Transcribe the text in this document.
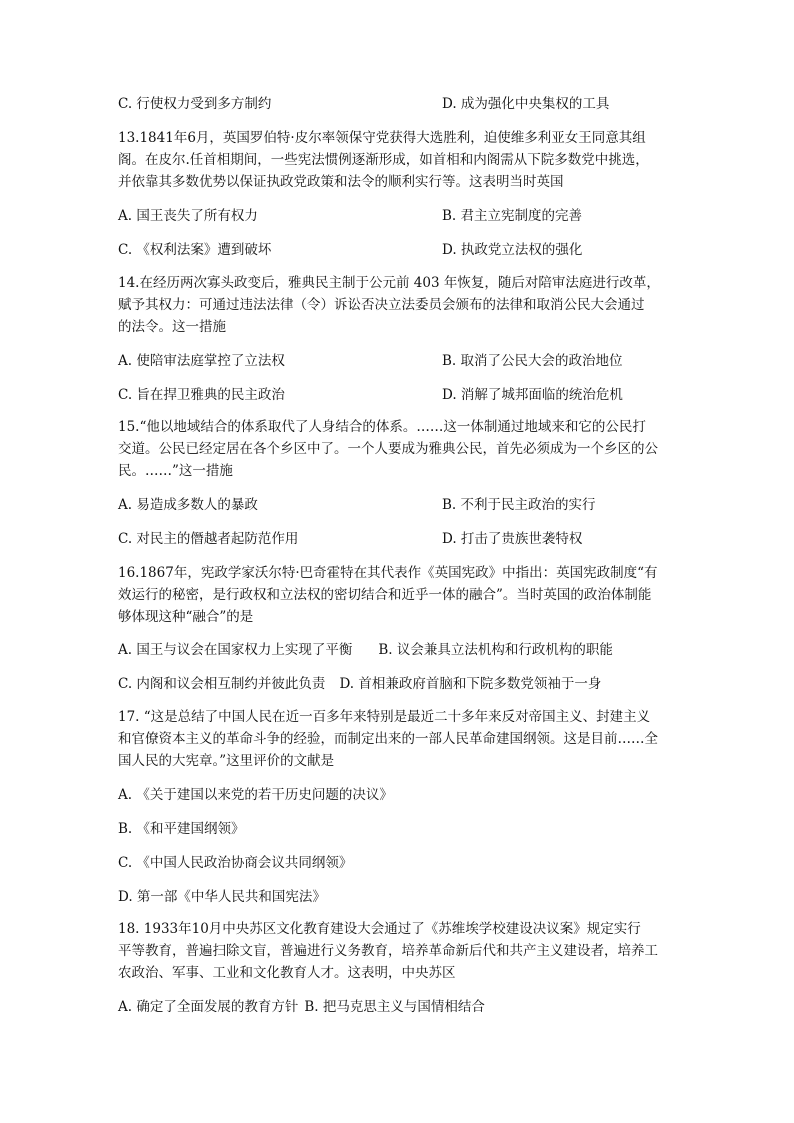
C. 行使权力受到多方制约	D. 成为强化中央集权的工具

13.1841年6月，英国罗伯特·皮尔率领保守党获得大选胜利，迫使维多利亚女王同意其组

阁。在皮尔.任首相期间，一些宪法惯例逐渐形成，如首相和内阁需从下院多数党中挑选，

并依靠其多数优势以保证执政党政策和法令的顺利实行等。这表明当时英国

A. 国王丧失了所有权力	B. 君主立宪制度的完善
C. 《权利法案》遭到破坏	D. 执政党立法权的强化

14.在经历两次寡头政变后，雅典民主制于公元前 403 年恢复，随后对陪审法庭进行改革，

赋予其权力：可通过违法法律（令）诉讼否决立法委员会颁布的法律和取消公民大会通过

的法令。这一措施

A. 使陪审法庭掌控了立法权	B. 取消了公民大会的政治地位
C. 旨在捍卫雅典的民主政治	D. 消解了城邦面临的统治危机

15.“他以地域结合的体系取代了人身结合的体系。……这一体制通过地域来和它的公民打

交道。公民已经定居在各个乡区中了。一个人要成为雅典公民，首先必须成为一个乡区的公

民。……”这一措施

A. 易造成多数人的暴政	B. 不利于民主政治的实行
C. 对民主的僭越者起防范作用	D. 打击了贵族世袭特权

16.1867年，宪政学家沃尔特·巴奇霍特在其代表作《英国宪政》中指出：英国宪政制度“有

效运行的秘密，是行政权和立法权的密切结合和近乎一体的融合”。当时英国的政治体制能

够体现这种“融合”的是

A. 国王与议会在国家权力上实现了平衡 B. 议会兼具立法机构和行政机构的职能
C. 内阁和议会相互制约并彼此负责 D. 首相兼政府首脑和下院多数党领袖于一身

17. “这是总结了中国人民在近一百多年来特别是最近二十多年来反对帝国主义、封建主义

和官僚资本主义的革命斗争的经验，而制定出来的一部人民革命建国纲领。这是目前……全

国人民的大宪章。”这里评价的文献是

A. 《关于建国以来党的若干历史问题的决议》
B. 《和平建国纲领》
C. 《中国人民政治协商会议共同纲领》
D. 第一部《中华人民共和国宪法》

18. 1933年10月中央苏区文化教育建设大会通过了《苏维埃学校建设决议案》规定实行

平等教育，普遍扫除文盲，普遍进行义务教育，培养革命新后代和共产主义建设者，培养工

农政治、军事、工业和文化教育人才。这表明，中央苏区

A. 确定了全面发展的教育方针 B. 把马克思主义与国情相结合
